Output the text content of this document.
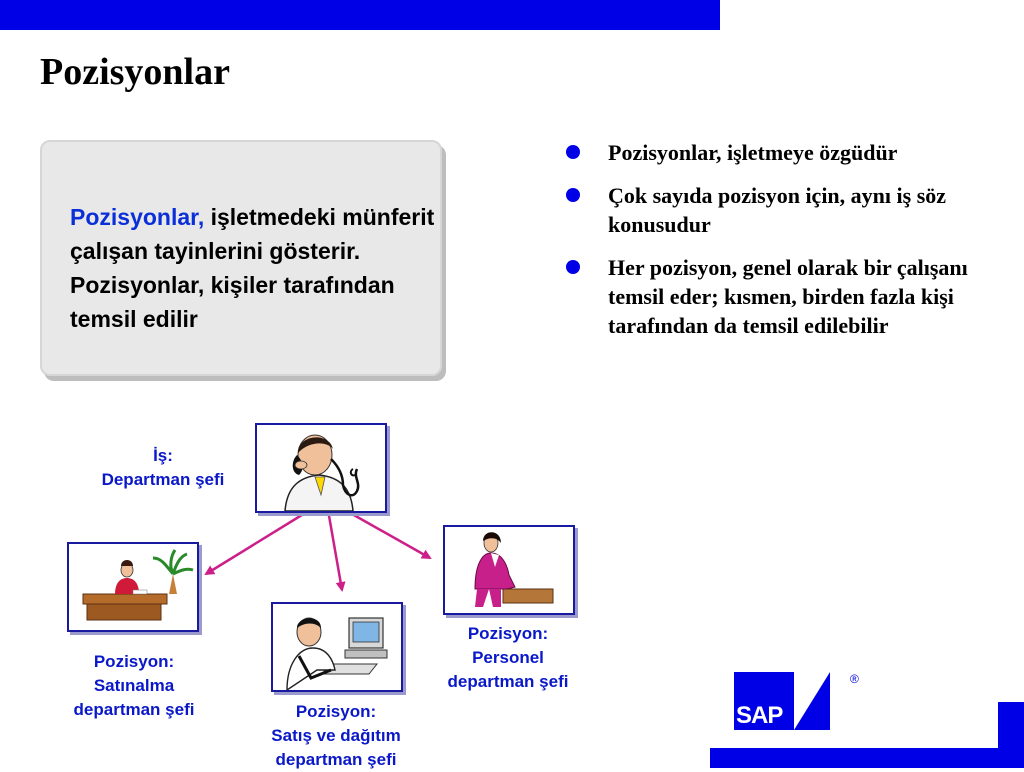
Pozisyonlar
Pozisyonlar, işletmedeki münferit çalışan tayinlerini gösterir. Pozisyonlar, kişiler tarafından temsil edilir
Pozisyonlar, işletmeye özgüdür
Çok sayıda pozisyon için, aynı iş söz konusudur
Her pozisyon, genel olarak bir çalışanı temsil eder; kısmen, birden fazla kişi tarafından da temsil edilebilir
İş:
Departman şefi
Pozisyon:
Satınalma
departman şefi	Pozisyon:
Satış ve dağıtım
departman şefi
Pozisyon:
Personel
departman şefi
SAP
®
